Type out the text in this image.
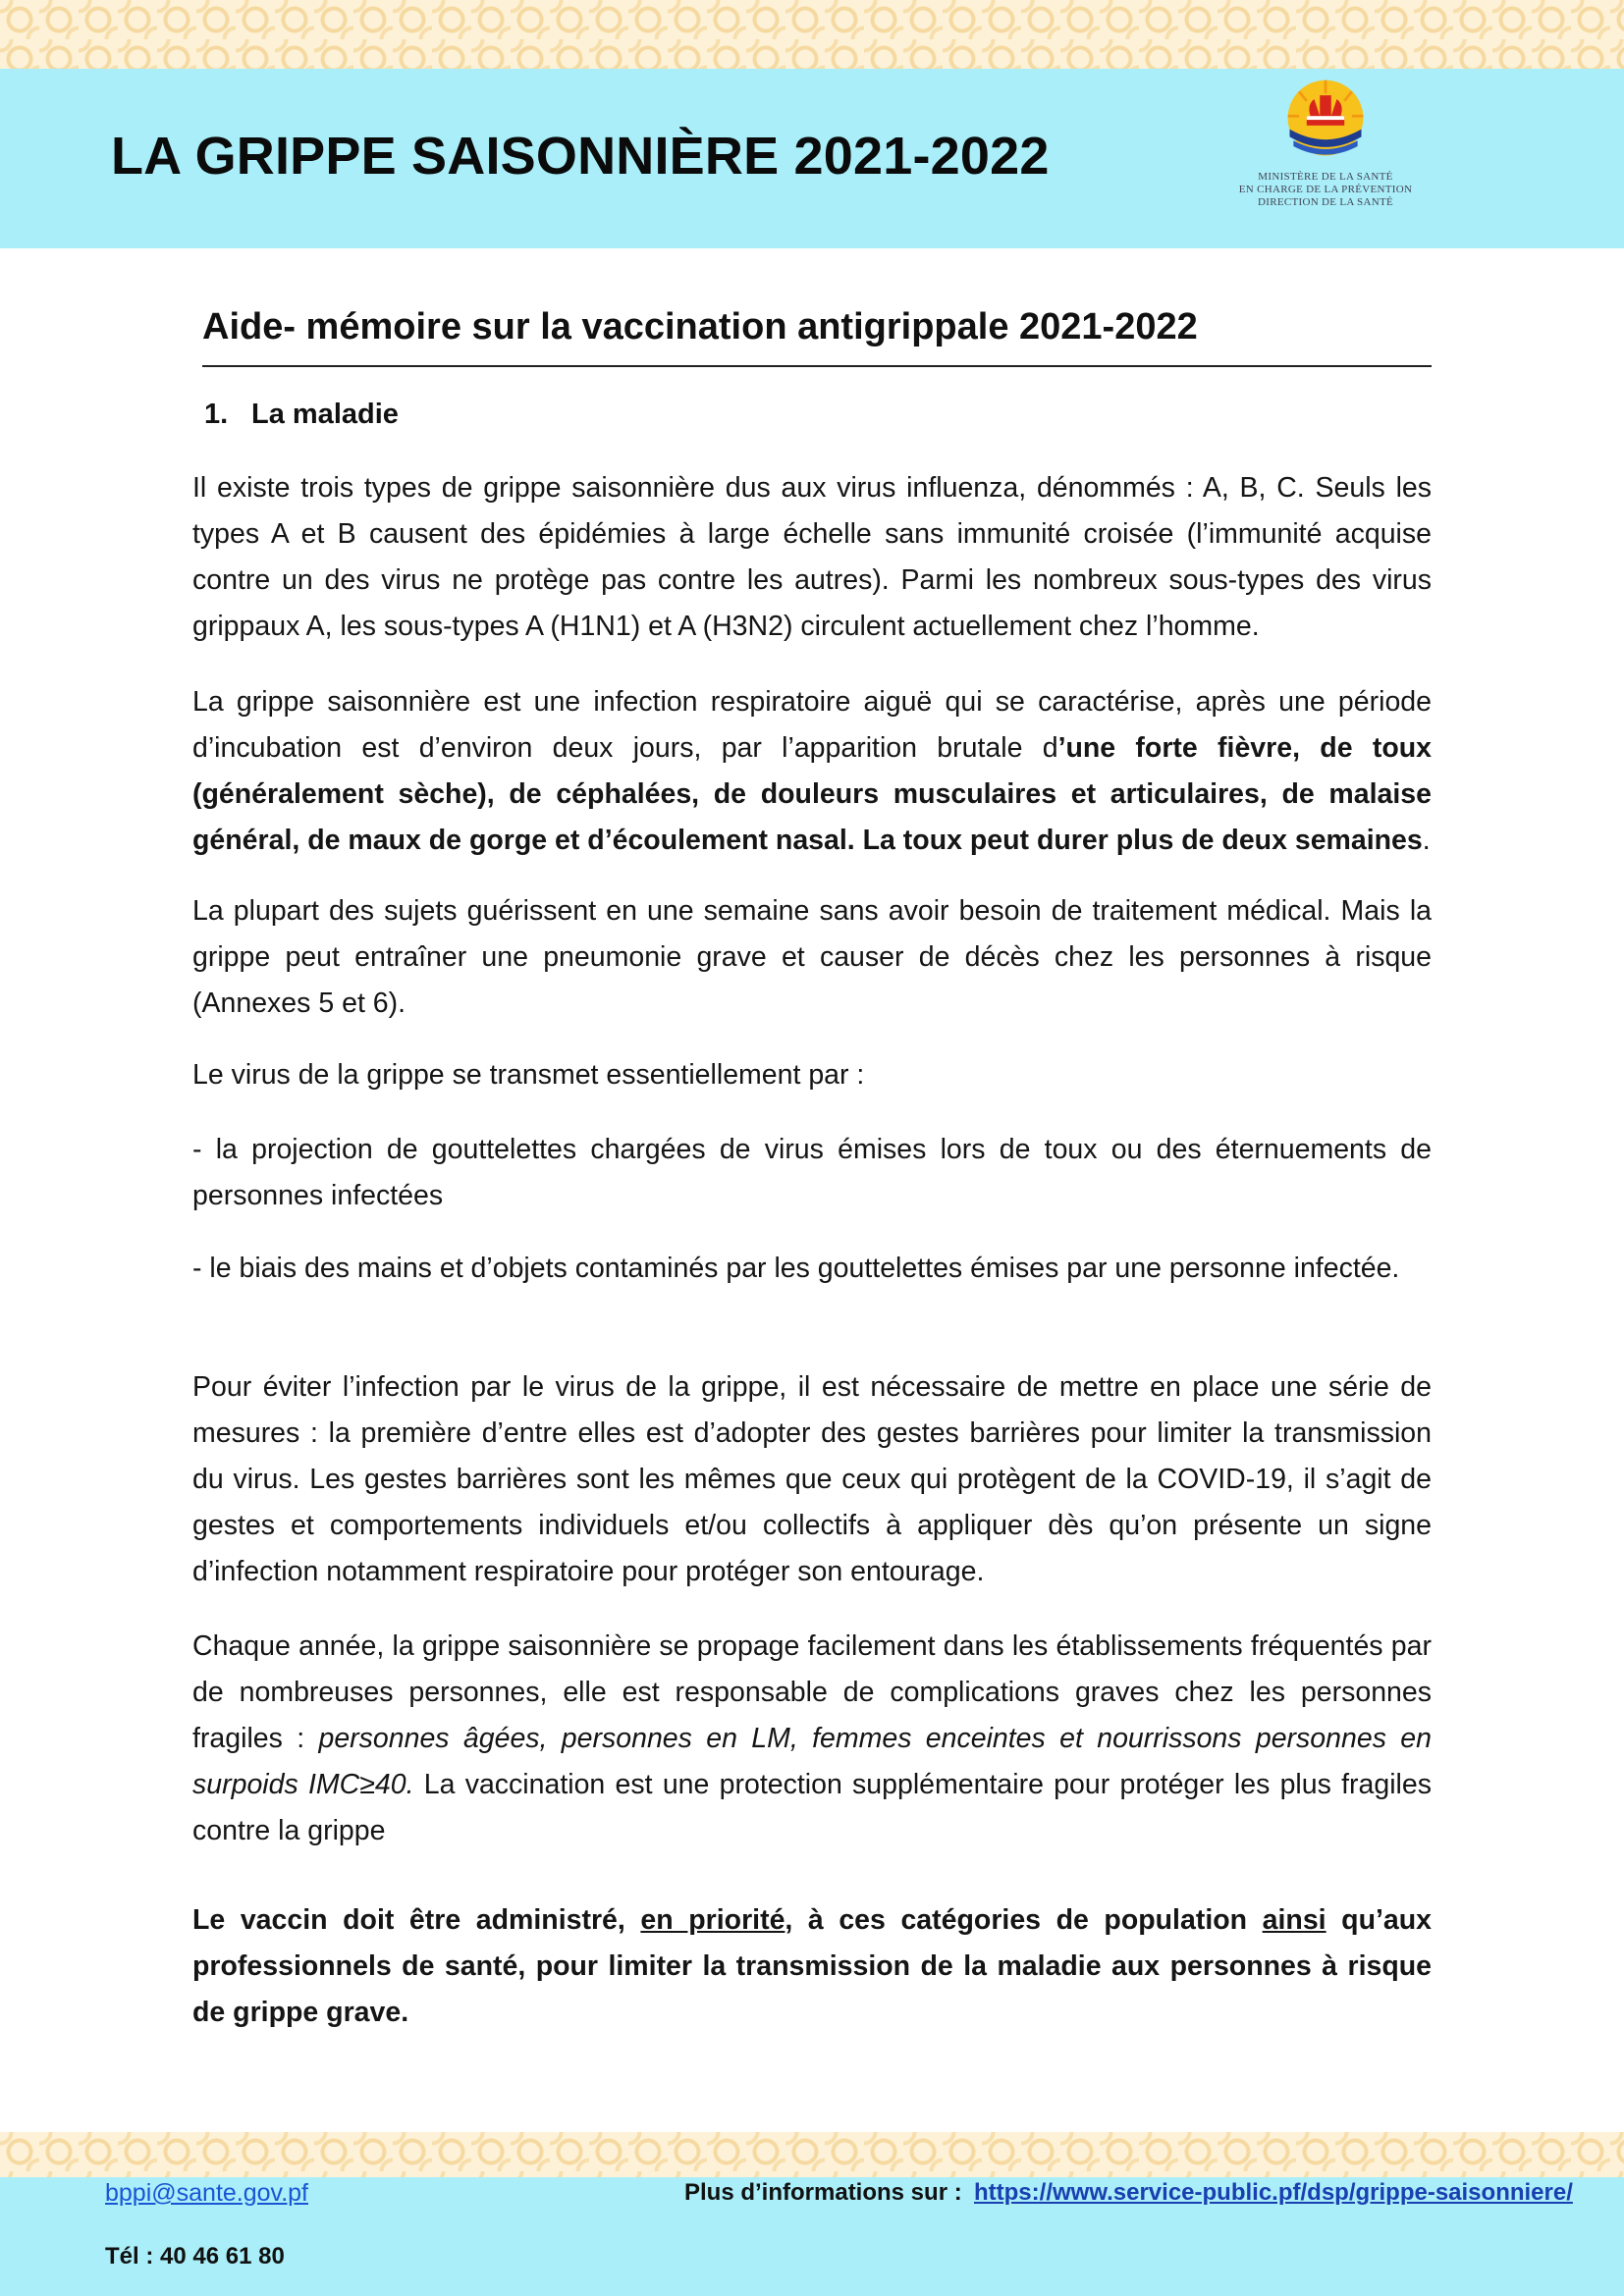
LA GRIPPE SAISONNIÈRE 2021-2022	MINISTÈRE DE LA SANTÉ
EN CHARGE DE LA PRÉVENTION
DIRECTION DE LA SANTÉ
Aide- mémoire sur la vaccination antigrippale 2021-2022
1. La maladie

Il existe trois types de grippe saisonnière dus aux virus influenza, dénommés : A, B, C. Seuls les types A et B causent des épidémies à large échelle sans immunité croisée (l’immunité acquise contre un des virus ne protège pas contre les autres). Parmi les nombreux sous-types des virus grippaux A, les sous-types A (H1N1) et A (H3N2) circulent actuellement chez l’homme.

La grippe saisonnière est une infection respiratoire aiguë qui se caractérise, après une période d’incubation est d’environ deux jours, par l’apparition brutale d’une forte fièvre, de toux (généralement sèche), de céphalées, de douleurs musculaires et articulaires, de malaise général, de maux de gorge et d’écoulement nasal. La toux peut durer plus de deux semaines.

La plupart des sujets guérissent en une semaine sans avoir besoin de traitement médical. Mais la grippe peut entraîner une pneumonie grave et causer de décès chez les personnes à risque (Annexes 5 et 6).

Le virus de la grippe se transmet essentiellement par :

- la projection de gouttelettes chargées de virus émises lors de toux ou des éternuements de personnes infectées

- le biais des mains et d’objets contaminés par les gouttelettes émises par une personne infectée.

Pour éviter l’infection par le virus de la grippe, il est nécessaire de mettre en place une série de mesures : la première d’entre elles est d’adopter des gestes barrières pour limiter la transmission du virus. Les gestes barrières sont les mêmes que ceux qui protègent de la COVID-19, il s’agit de gestes et comportements individuels et/ou collectifs à appliquer dès qu’on présente un signe d’infection notamment respiratoire pour protéger son entourage.

Chaque année, la grippe saisonnière se propage facilement dans les établissements fréquentés par de nombreuses personnes, elle est responsable de complications graves chez les personnes fragiles : personnes âgées, personnes en LM, femmes enceintes et nourrissons personnes en surpoids IMC≥40. La vaccination est une protection supplémentaire pour protéger les plus fragiles contre la grippe

Le vaccin doit être administré, en priorité, à ces catégories de population ainsi qu’aux professionnels de santé, pour limiter la transmission de la maladie aux personnes à risque de grippe grave.

bppi@sante.gov.pf	Plus d’informations sur : https://www.service-public.pf/dsp/grippe-saisonniere/
Tél : 40 46 61 80
